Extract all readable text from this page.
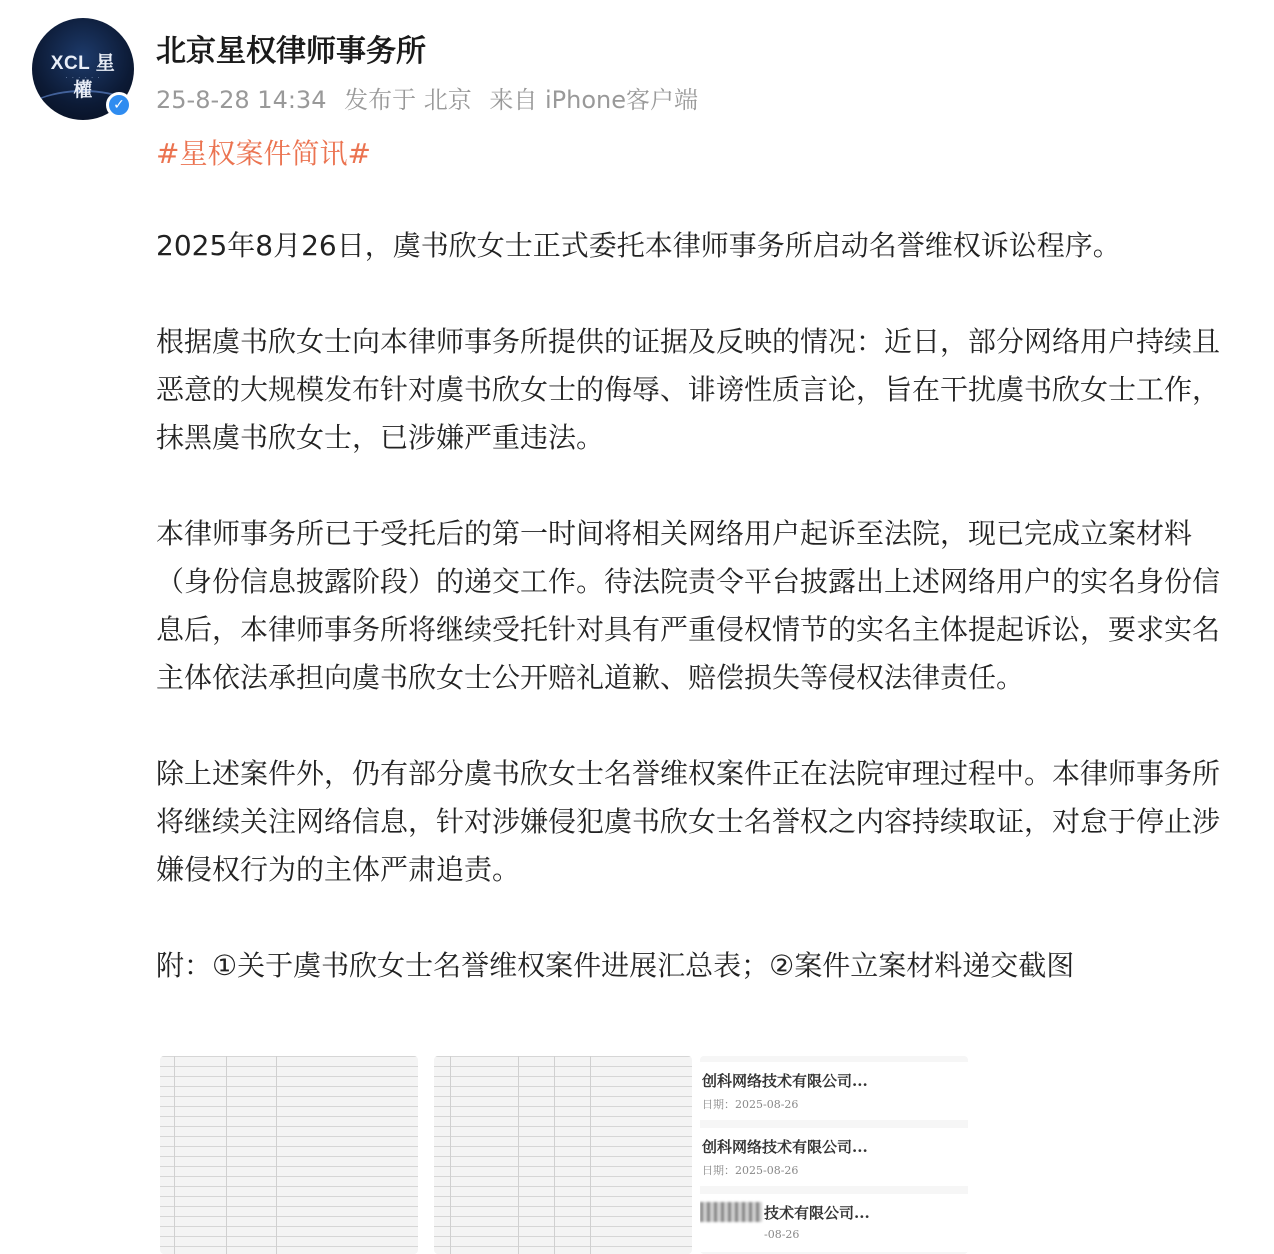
XCL 星權
· · · · · ·
✓
北京星权律师事务所
25-8-28 14:34 发布于 北京 来自 iPhone客户端
#星权案件简讯#

2025年8月26日，虞书欣女士正式委托本律师事务所启动名誉维权诉讼程序。

根据虞书欣女士向本律师事务所提供的证据及反映的情况：近日，部分网络用户持续且恶意的大规模发布针对虞书欣女士的侮辱、诽谤性质言论，旨在干扰虞书欣女士工作，抹黑虞书欣女士，已涉嫌严重违法。

本律师事务所已于受托后的第一时间将相关网络用户起诉至法院，现已完成立案材料（身份信息披露阶段）的递交工作。待法院责令平台披露出上述网络用户的实名身份信息后，本律师事务所将继续受托针对具有严重侵权情节的实名主体提起诉讼，要求实名主体依法承担向虞书欣女士公开赔礼道歉、赔偿损失等侵权法律责任。

除上述案件外，仍有部分虞书欣女士名誉维权案件正在法院审理过程中。本律师事务所将继续关注网络信息，针对涉嫌侵犯虞书欣女士名誉权之内容持续取证，对怠于停止涉嫌侵权行为的主体严肃追责。

附：①关于虞书欣女士名誉维权案件进展汇总表；②案件立案材料递交截图

创科网络技术有限公司...
日期：2025-08-26
创科网络技术有限公司...
日期：2025-08-26
技术有限公司...
-08-26
